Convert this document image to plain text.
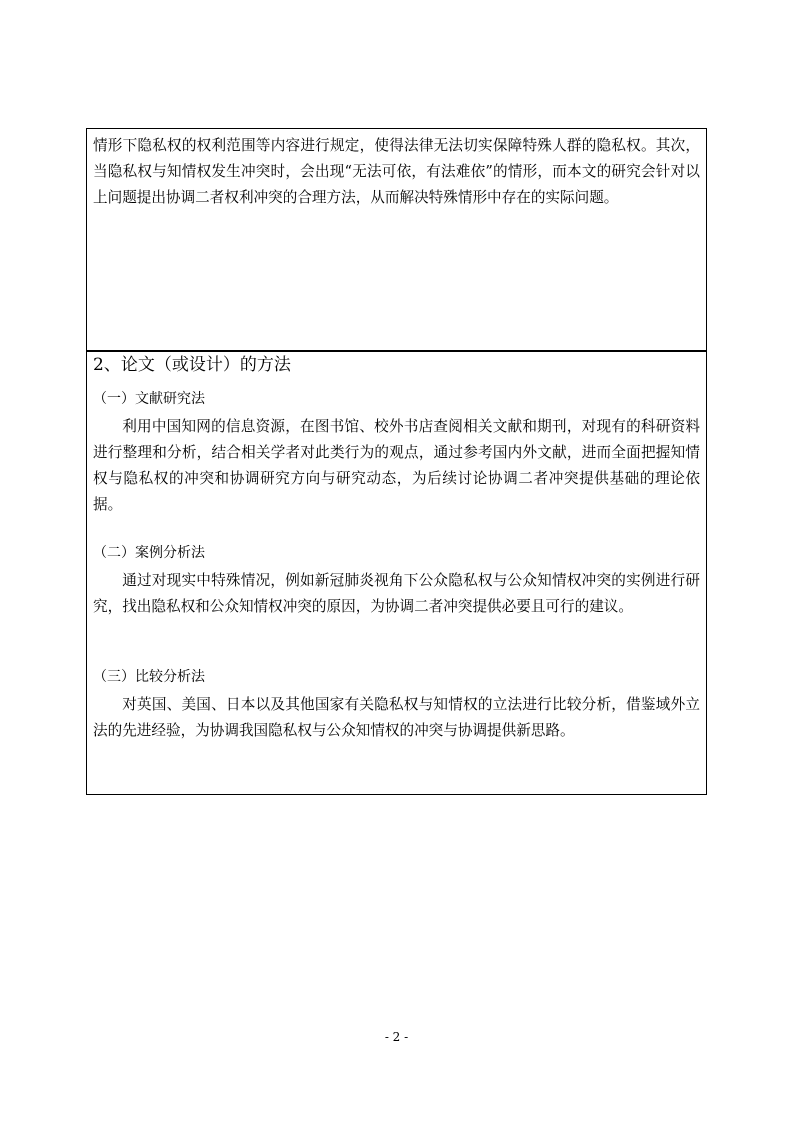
情形下隐私权的权利范围等内容进行规定，使得法律无法切实保障特殊人群的隐私权。其次，当隐私权与知情权发生冲突时，会出现“无法可依，有法难依”的情形，而本文的研究会针对以上问题提出协调二者权利冲突的合理方法，从而解决特殊情形中存在的实际问题。
2、论文（或设计）的方法
（一）文献研究法
利用中国知网的信息资源，在图书馆、校外书店查阅相关文献和期刊，对现有的科研资料进行整理和分析，结合相关学者对此类行为的观点，通过参考国内外文献，进而全面把握知情权与隐私权的冲突和协调研究方向与研究动态，为后续讨论协调二者冲突提供基础的理论依据。
（二）案例分析法
通过对现实中特殊情况，例如新冠肺炎视角下公众隐私权与公众知情权冲突的实例进行研究，找出隐私权和公众知情权冲突的原因，为协调二者冲突提供必要且可行的建议。
（三）比较分析法
对英国、美国、日本以及其他国家有关隐私权与知情权的立法进行比较分析，借鉴域外立法的先进经验，为协调我国隐私权与公众知情权的冲突与协调提供新思路。
- 2 -
